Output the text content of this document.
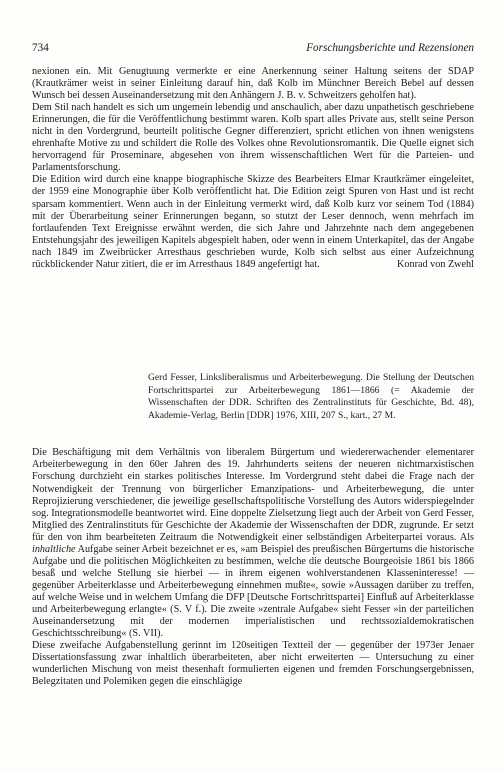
734	Forschungsberichte und Rezensionen

nexionen ein. Mit Genugtuung vermerkte er eine Anerkennung seiner Haltung seitens der SDAP (Krautkrämer weist in seiner Einleitung darauf hin, daß Kolb im Münchner Bereich Bebel auf dessen Wunsch bei dessen Auseinandersetzung mit den Anhängern J. B. v. Schweitzers geholfen hat).

Dem Stil nach handelt es sich um ungemein lebendig und anschaulich, aber dazu unpathetisch geschriebene Erinnerungen, die für die Veröffentlichung bestimmt waren. Kolb spart alles Private aus, stellt seine Person nicht in den Vordergrund, beurteilt politische Gegner differenziert, spricht etlichen von ihnen wenigstens ehrenhafte Motive zu und schildert die Rolle des Volkes ohne Revolutionsromantik. Die Quelle eignet sich hervorragend für Proseminare, abgesehen von ihrem wissenschaftlichen Wert für die Parteien- und Parlamentsforschung.

Die Edition wird durch eine knappe biographische Skizze des Bearbeiters Elmar Krautkrämer eingeleitet, der 1959 eine Monographie über Kolb veröffentlicht hat. Die Edition zeigt Spuren von Hast und ist recht sparsam kommentiert. Wenn auch in der Einleitung vermerkt wird, daß Kolb kurz vor seinem Tod (1884) mit der Überarbeitung seiner Erinnerungen begann, so stutzt der Leser dennoch, wenn mehrfach im fortlaufenden Text Ereignisse erwähnt werden, die sich Jahre und Jahrzehnte nach dem angegebenen Entstehungsjahr des jeweiligen Kapitels abgespielt haben, oder wenn in einem Unterkapitel, das der Angabe nach 1849 im Zweibrücker Arresthaus geschrieben wurde, Kolb sich selbst aus einer Aufzeichnung rückblickender Natur zitiert, die er im Arresthaus 1849 angefertigt hat.	Konrad von Zwehl

Gerd Fesser, Linksliberalismus und Arbeiterbewegung. Die Stellung der Deutschen Fortschrittspartei zur Arbeiterbewegung 1861—1866 (= Akademie der Wissenschaften der DDR. Schriften des Zentralinstituts für Geschichte, Bd. 48), Akademie-Verlag, Berlin [DDR] 1976, XIII, 207 S., kart., 27 M.

Die Beschäftigung mit dem Verhältnis von liberalem Bürgertum und wiedererwachender elementarer Arbeiterbewegung in den 60er Jahren des 19. Jahrhunderts seitens der neueren nichtmarxistischen Forschung durchzieht ein starkes politisches Interesse. Im Vordergrund steht dabei die Frage nach der Notwendigkeit der Trennung von bürgerlicher Emanzipations- und Arbeiterbewegung, die unter Reprojizierung verschiedener, die jeweilige gesellschaftspolitische Vorstellung des Autors widerspiegelnder sog. Integrationsmodelle beantwortet wird. Eine doppelte Zielsetzung liegt auch der Arbeit von Gerd Fesser, Mitglied des Zentralinstituts für Geschichte der Akademie der Wissenschaften der DDR, zugrunde. Er setzt für den von ihm bearbeiteten Zeitraum die Notwendigkeit einer selbständigen Arbeiterpartei voraus. Als inhaltliche Aufgabe seiner Arbeit bezeichnet er es, »am Beispiel des preußischen Bürgertums die historische Aufgabe und die politischen Möglichkeiten zu bestimmen, welche die deutsche Bourgeoisie 1861 bis 1866 besaß und welche Stellung sie hierbei — in ihrem eigenen wohlverstandenen Klasseninteresse! — gegenüber Arbeiterklasse und Arbeiterbewegung einnehmen mußte«, sowie »Aussagen darüber zu treffen, auf welche Weise und in welchem Umfang die DFP [Deutsche Fortschrittspartei] Einfluß auf Arbeiterklasse und Arbeiterbewegung erlangte« (S. V f.). Die zweite »zentrale Aufgabe« sieht Fesser »in der parteilichen Auseinandersetzung mit der modernen imperialistischen und rechtssozialdemokratischen Geschichtsschreibung« (S. VII).

Diese zweifache Aufgabenstellung gerinnt im 120seitigen Textteil der — gegenüber der 1973er Jenaer Dissertationsfassung zwar inhaltlich überarbeiteten, aber nicht erweiterten — Untersuchung zu einer wunderlichen Mischung von meist thesenhaft formulierten eigenen und fremden Forschungsergebnissen, Belegzitaten und Polemiken gegen die einschlägige
